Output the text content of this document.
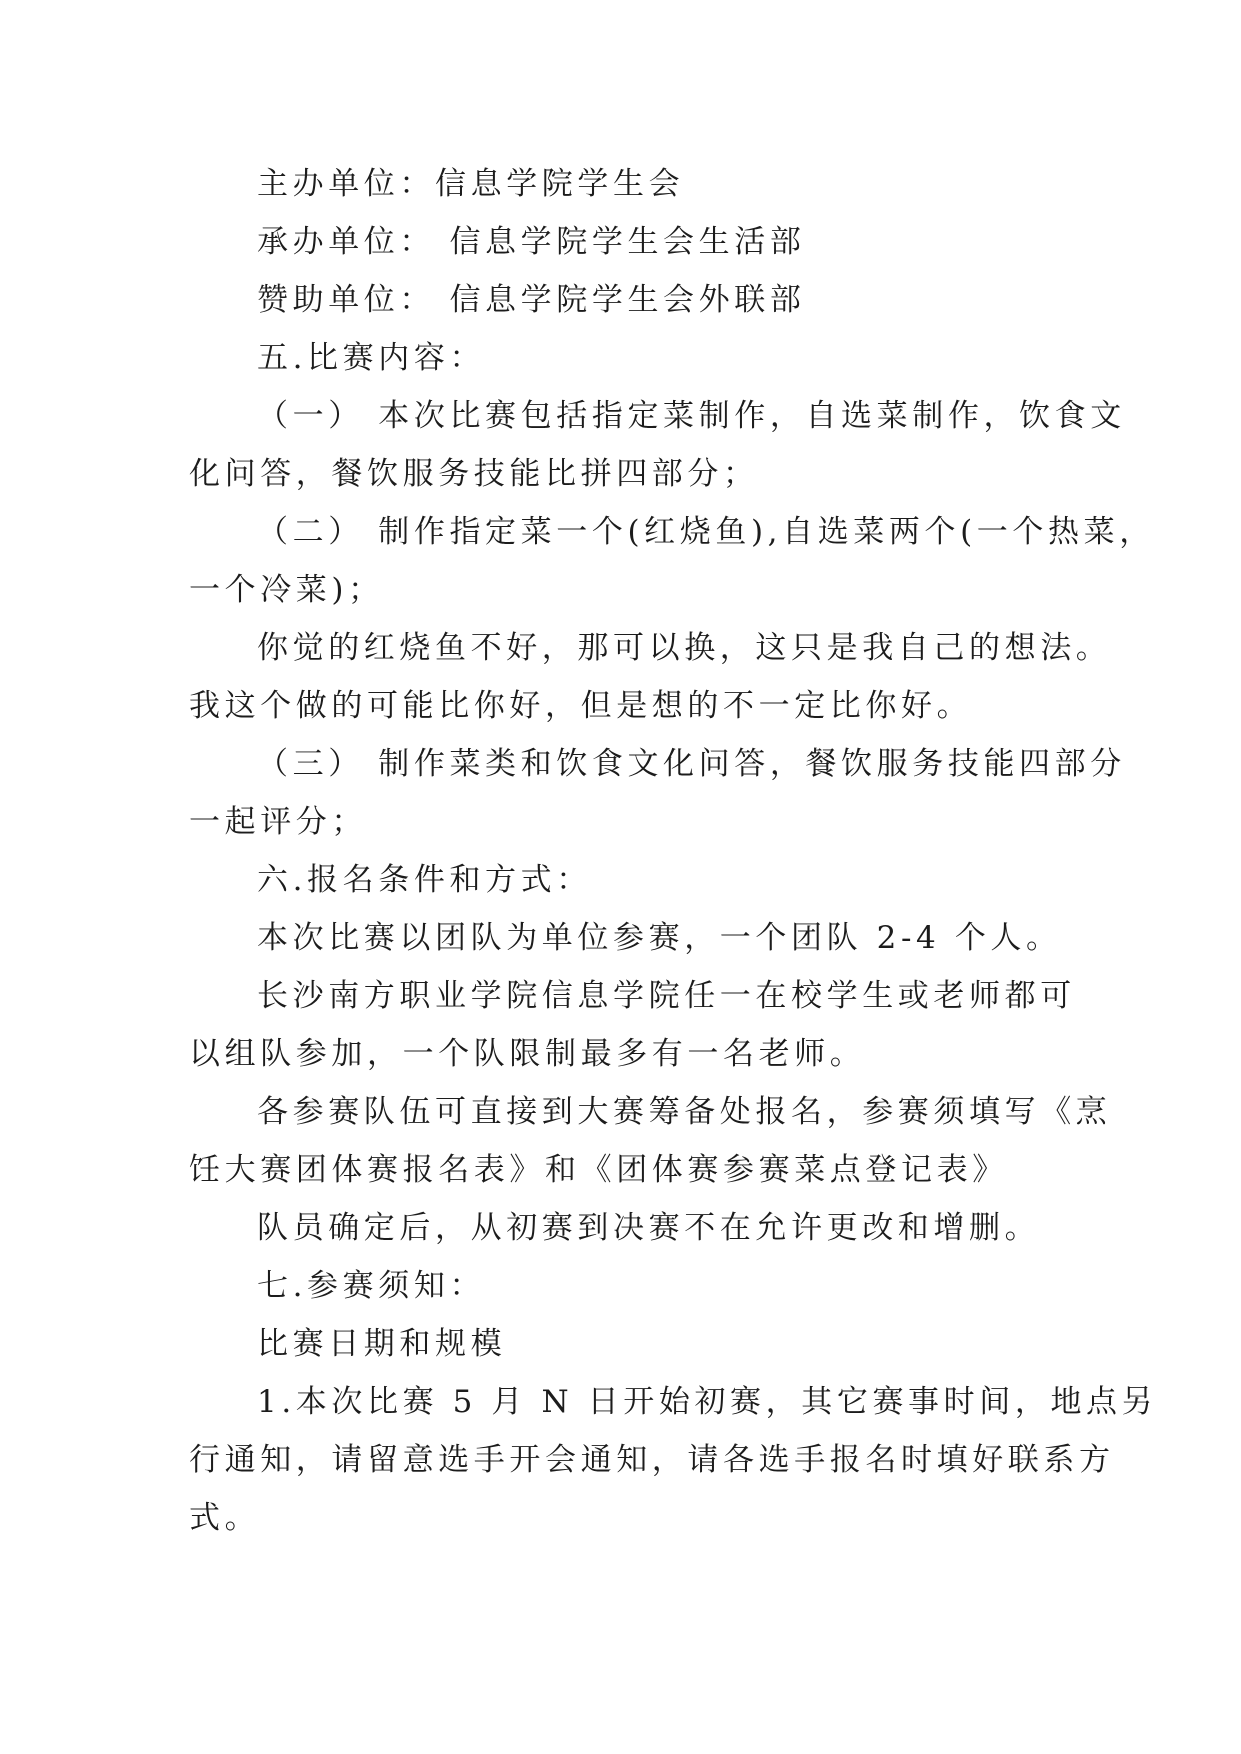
主办单位：信息学院学生会
承办单位： 信息学院学生会生活部
赞助单位： 信息学院学生会外联部
五.比赛内容：
（一） 本次比赛包括指定菜制作，自选菜制作，饮食文
化问答，餐饮服务技能比拼四部分；
（二） 制作指定菜一个(红烧鱼),自选菜两个(一个热菜，
一个冷菜)；
你觉的红烧鱼不好，那可以换，这只是我自己的想法。
我这个做的可能比你好，但是想的不一定比你好。
（三） 制作菜类和饮食文化问答，餐饮服务技能四部分
一起评分；
六.报名条件和方式：
本次比赛以团队为单位参赛，一个团队 2-4 个人。
长沙南方职业学院信息学院任一在校学生或老师都可
以组队参加，一个队限制最多有一名老师。
各参赛队伍可直接到大赛筹备处报名，参赛须填写《烹
饪大赛团体赛报名表》和《团体赛参赛菜点登记表》
队员确定后，从初赛到决赛不在允许更改和增删。
七.参赛须知：
比赛日期和规模
1.本次比赛 5 月 N 日开始初赛，其它赛事时间，地点另
行通知，请留意选手开会通知，请各选手报名时填好联系方
式。
